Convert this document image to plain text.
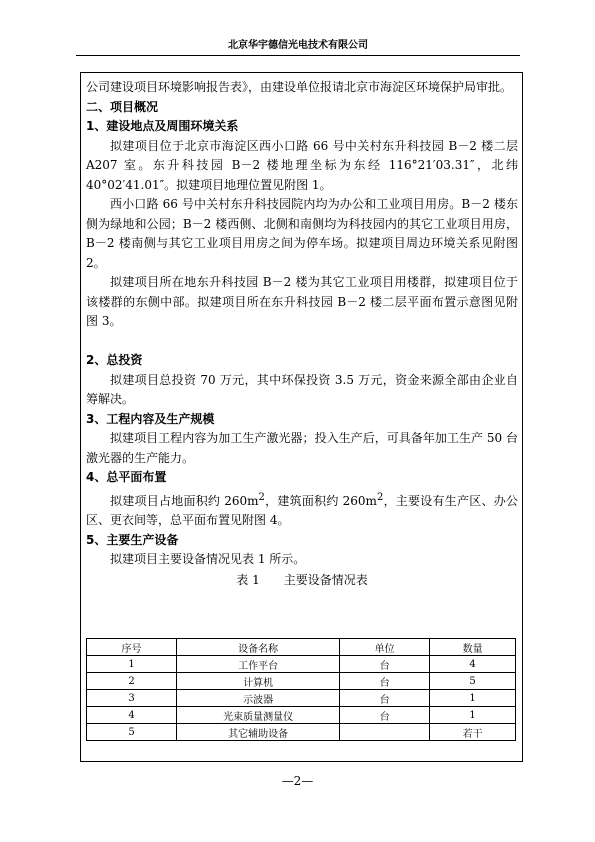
北京华宇德信光电技术有限公司

公司建设项目环境影响报告表》，由建设单位报请北京市海淀区环境保护局审批。

二、项目概况

1、建设地点及周围环境关系

拟建项目位于北京市海淀区西小口路 66 号中关村东升科技园 B－2 楼二层 A207 室。东升科技园 B－2 楼地理坐标为东经 116°21′03.31″，北纬 40°02′41.01″。拟建项目地理位置见附图 1。

西小口路 66 号中关村东升科技园院内均为办公和工业项目用房。B－2 楼东侧为绿地和公园；B－2 楼西侧、北侧和南侧均为科技园内的其它工业项目用房，B－2 楼南侧与其它工业项目用房之间为停车场。拟建项目周边环境关系见附图 2。

拟建项目所在地东升科技园 B－2 楼为其它工业项目用楼群，拟建项目位于该楼群的东侧中部。拟建项目所在东升科技园 B－2 楼二层平面布置示意图见附图 3。

2、总投资

拟建项目总投资 70 万元，其中环保投资 3.5 万元，资金来源全部由企业自筹解决。

3、工程内容及生产规模

拟建项目工程内容为加工生产激光器；投入生产后，可具备年加工生产 50 台激光器的生产能力。

4、总平面布置

拟建项目占地面积约 $260m^2$，建筑面积约 $260m^2$，主要设有生产区、办公区、更衣间等，总平面布置见附图 4。

5、主要生产设备

拟建项目主要设备情况见表 1 所示。

表 1　　主要设备情况表

序号	设备名称	单位	数量
1	工作平台	台	4
2	计算机	台	5
3	示波器	台	1
4	光束质量测量仪	台	1
5	其它辅助设备		若干
—2—
